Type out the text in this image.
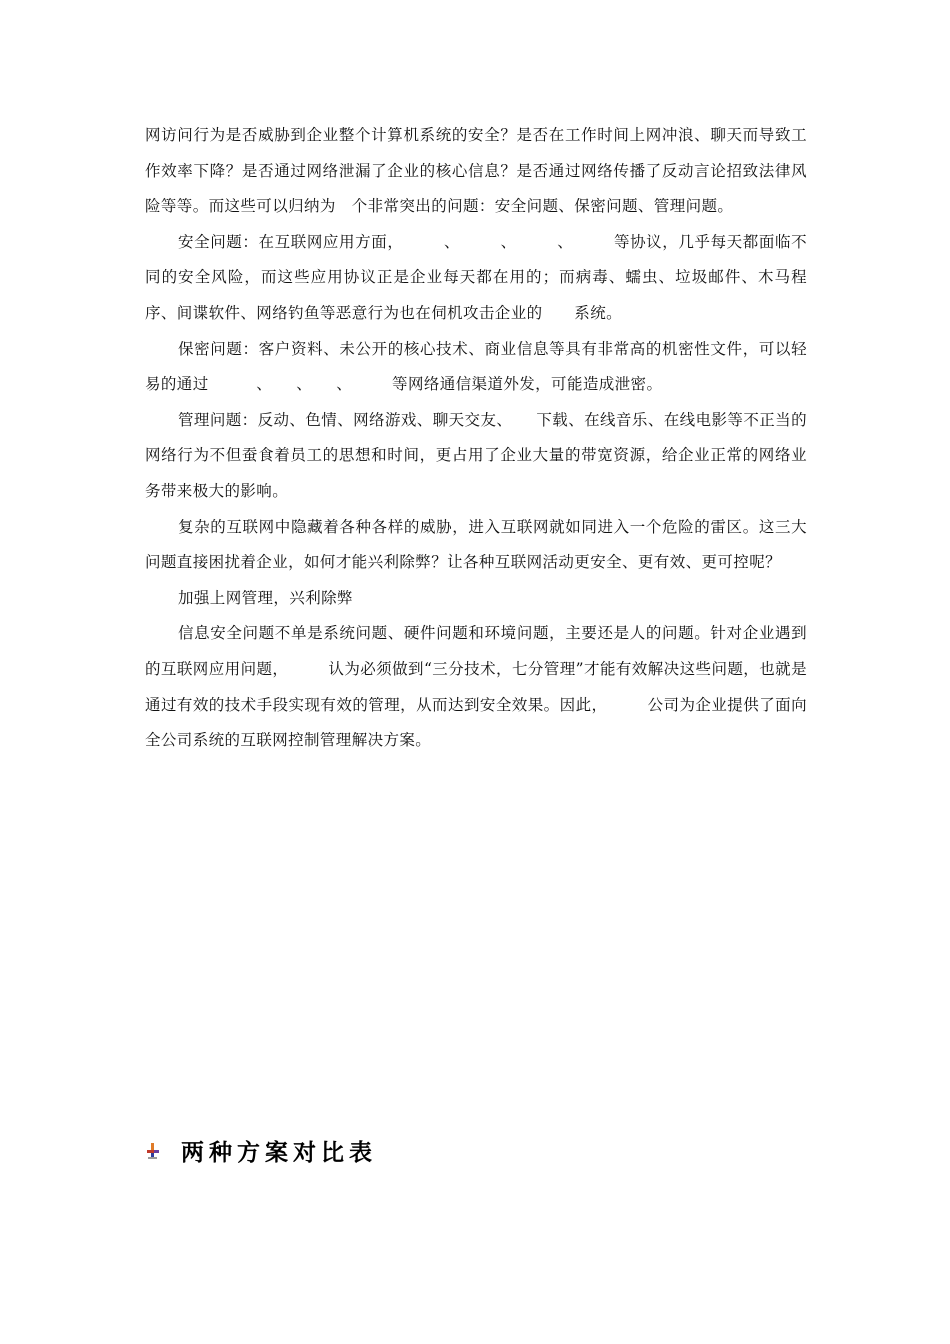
网访问行为是否威胁到企业整个计算机系统的安全？是否在工作时间上网冲浪、聊天而导致工作效率下降？是否通过网络泄漏了企业的核心信息？是否通过网络传播了反动言论招致法律风险等等。而这些可以归纳为　个非常突出的问题：安全问题、保密问题、管理问题。

安全问题：在互联网应用方面，　　　、　　　、　　　、　　　等协议，几乎每天都面临不同的安全风险，而这些应用协议正是企业每天都在用的；而病毒、蠕虫、垃圾邮件、木马程序、间谍软件、网络钓鱼等恶意行为也在伺机攻击企业的　　系统。

保密问题：客户资料、未公开的核心技术、商业信息等具有非常高的机密性文件，可以轻易的通过　　　、　　、　　、　　　等网络通信渠道外发，可能造成泄密。

管理问题：反动、色情、网络游戏、聊天交友、　　下载、在线音乐、在线电影等不正当的网络行为不但蚕食着员工的思想和时间，更占用了企业大量的带宽资源，给企业正常的网络业务带来极大的影响。

复杂的互联网中隐藏着各种各样的威胁，进入互联网就如同进入一个危险的雷区。这三大问题直接困扰着企业，如何才能兴利除弊？让各种互联网活动更安全、更有效、更可控呢？

加强上网管理，兴利除弊

信息安全问题不单是系统问题、硬件问题和环境问题，主要还是人的问题。针对企业遇到的互联网应用问题，　　　认为必须做到“三分技术，七分管理”才能有效解决这些问题，也就是通过有效的技术手段实现有效的管理，从而达到安全效果。因此，　　　公司为企业提供了面向全公司系统的互联网控制管理解决方案。

两种方案对比表
